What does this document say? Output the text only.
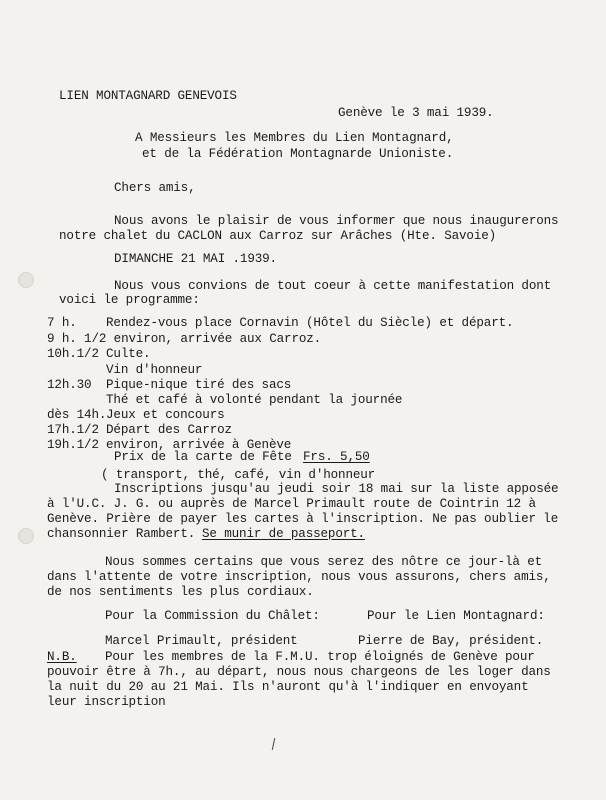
LIEN MONTAGNARD GENEVOIS
Genève le 3 mai 1939.
A Messieurs les Membres du Lien Montagnard,
et de la Fédération Montagnarde Unioniste.
Chers amis,
Nous avons le plaisir de vous informer que nous inaugurerons
notre chalet du CACLON aux Carroz sur Arâches (Hte. Savoie)
DIMANCHE 21 MAI .1939.
Nous vous convions de tout coeur à cette manifestation dont
voici le programme:
7 h. Rendez-vous place Cornavin (Hôtel du Siècle) et départ.
9 h. 1/2 environ, arrivée aux Carroz.
10h.1/2 Culte.
Vin d'honneur
12h.30 Pique-nique tiré des sacs
Thé et café à volonté pendant la journée
dès 14h. Jeux et concours
17h.1/2 Départ des Carroz
19h.1/2 environ, arrivée à Genève
Prix de la carte de Fête Frs. 5,50
( transport, thé, café, vin d'honneur
Inscriptions jusqu'au jeudi soir 18 mai sur la liste apposée
à l'U.C. J. G. ou auprès de Marcel Primault route de Cointrin 12 à
Genève. Prière de payer les cartes à l'inscription. Ne pas oublier le
chansonnier Rambert. Se munir de passeport.
Nous sommes certains que vous serez des nôtre ce jour-là et
dans l'attente de votre inscription, nous vous assurons, chers amis,
de nos sentiments les plus cordiaux.
Pour la Commission du Châlet:	Pour le Lien Montagnard:
Marcel Primault, président	Pierre de Bay, président.
N.B. Pour les membres de la F.M.U. trop éloignés de Genève pour
pouvoir être à 7h., au départ, nous nous chargeons de les loger dans
la nuit du 20 au 21 Mai. Ils n'auront qu'à l'indiquer en envoyant
leur inscription
